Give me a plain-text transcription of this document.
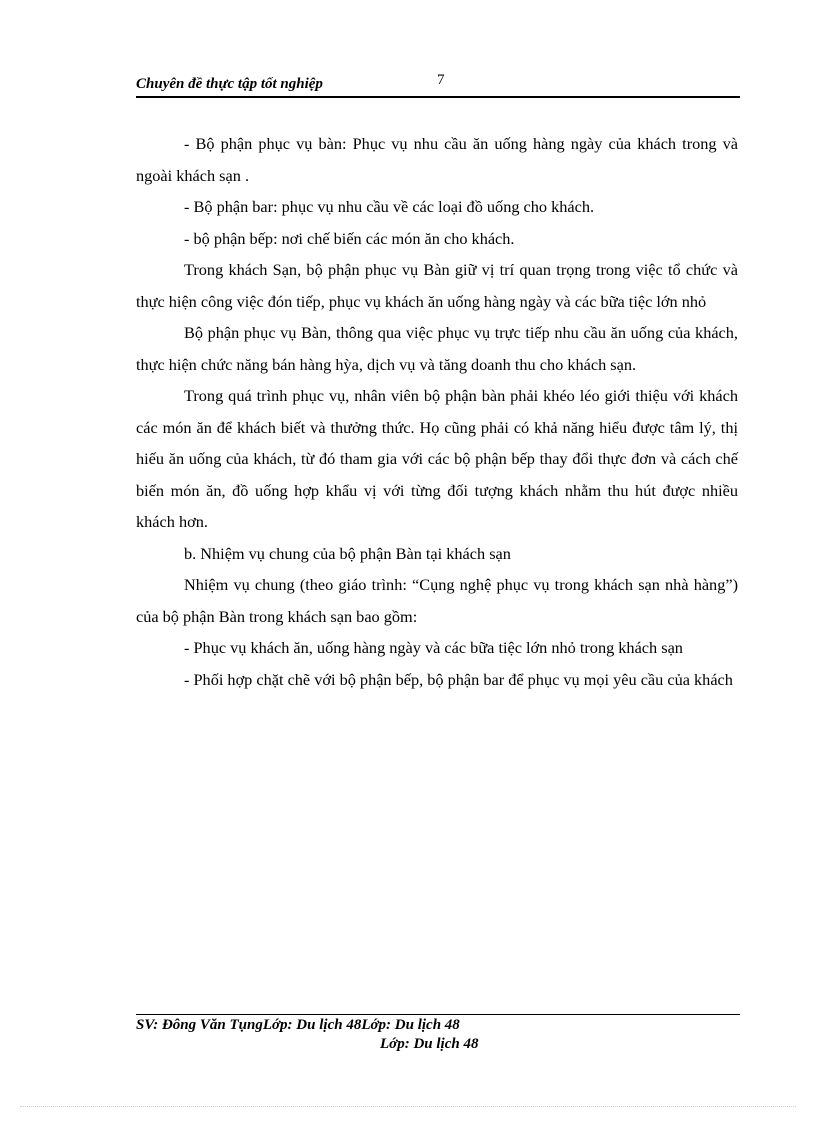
Chuyên đề thực tập tốt nghiệp	7

- Bộ phận phục vụ bàn: Phục vụ nhu cầu ăn uống hàng ngày của khách trong và ngoài khách sạn .

- Bộ phận bar: phục vụ nhu cầu về các loại đồ uống cho khách.

- bộ phận bếp: nơi chế biến các món ăn cho khách.

Trong khách Sạn, bộ phận phục vụ Bàn giữ vị trí quan trọng trong việc tổ chức và thực hiện công việc đón tiếp, phục vụ khách ăn uống hàng ngày và các bữa tiệc lớn nhỏ

Bộ phận phục vụ Bàn, thông qua việc phục vụ trực tiếp nhu cầu ăn uống của khách, thực hiện chức năng bán hàng hỳa, dịch vụ và tăng doanh thu cho khách sạn.

Trong quá trình phục vụ, nhân viên bộ phận bàn phải khéo léo giới thiệu với khách các món ăn để khách biết và thưởng thức. Họ cũng phải có khả năng hiểu được tâm lý, thị hiếu ăn uống của khách, từ đó tham gia với các bộ phận bếp thay đổi thực đơn và cách chế biến món ăn, đồ uống hợp khẩu vị với từng đối tượng khách nhằm thu hút được nhiều khách hơn.

b. Nhiệm vụ chung của bộ phận Bàn tại khách sạn

Nhiệm vụ chung (theo giáo trình: “Cụng nghệ phục vụ trong khách sạn nhà hàng”) của bộ phận Bàn trong khách sạn bao gồm:

- Phục vụ khách ăn, uống hàng ngày và các bữa tiệc lớn nhỏ trong khách sạn

- Phối hợp chặt chẽ với bộ phận bếp, bộ phận bar để phục vụ mọi yêu cầu của khách

SV: Đông Văn TụngLớp: Du lịch 48Lớp: Du lịch 48
Lớp: Du lịch 48
